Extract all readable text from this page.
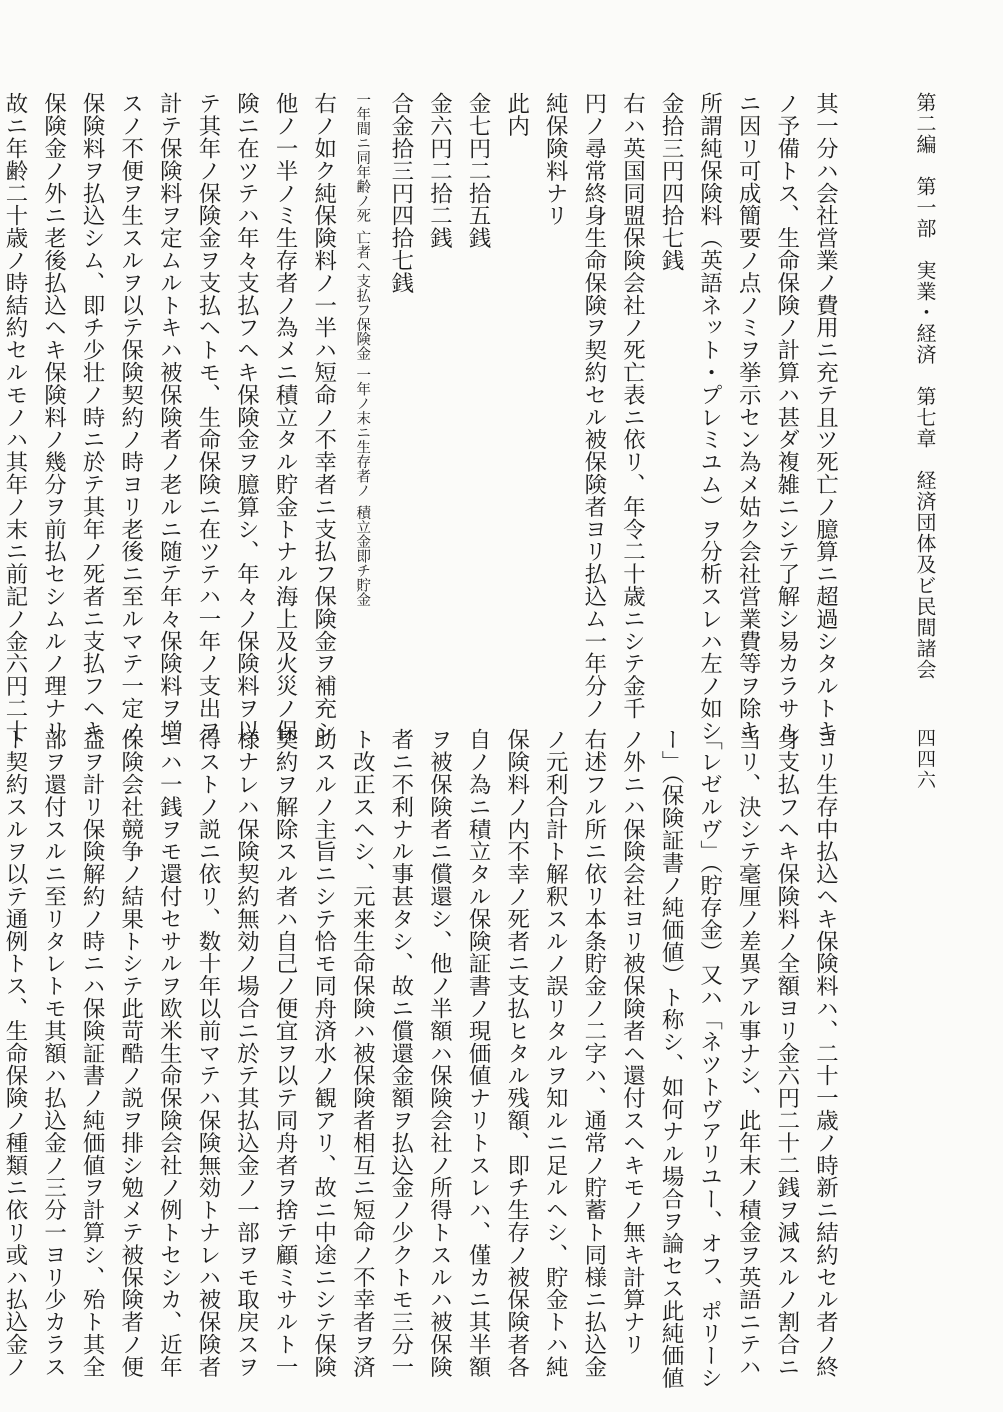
第二編　第一部　実業・経済　第七章　経済団体及ビ民間諸会
四四六

其一分ハ会社営業ノ費用ニ充テ且ツ死亡ノ臆算ニ超過シタルトキ
ノ予備トス、生命保険ノ計算ハ甚ダ複雑ニシテ了解シ易カラサル
ニ因リ可成簡要ノ点ノミヲ挙示セン為メ姑ク会社営業費等ヲ除キ
所謂純保険料（英語ネット・プレミユム）ヲ分析スレハ左ノ如シ
金拾三円四拾七銭
右ハ英国同盟保険会社ノ死亡表ニ依リ、年令二十歳ニシテ金千
円ノ尋常終身生命保険ヲ契約セル被保険者ヨリ払込ム一年分ノ
純保険料ナリ
此内
金七円二拾五銭
金六円二拾二銭
合金拾三円四拾七銭
一年間ニ同年齢ノ死 亡者ヘ支払フ保険金 一年ノ末ニ生存者ノ 積立金即チ貯金
右ノ如ク純保険料ノ一半ハ短命ノ不幸者ニ支払フ保険金ヲ補充シ
他ノ一半ノミ生存者ノ為メニ積立タル貯金トナル海上及火災ノ保
険ニ在ツテハ年々支払フヘキ保険金ヲ臆算シ、年々ノ保険料ヲ以
テ其年ノ保険金ヲ支払ヘトモ、生命保険ニ在ツテハ一年ノ支出ヲ
計テ保険料ヲ定ムルトキハ被保険者ノ老ルニ随テ年々保険料ヲ増
スノ不便ヲ生スルヲ以テ保険契約ノ時ヨリ老後ニ至ルマテ一定ノ
保険料ヲ払込シム、即チ少壮ノ時ニ於テ其年ノ死者ニ支払フヘキ
保険金ノ外ニ老後払込ヘキ保険料ノ幾分ヲ前払セシムルノ理ナリ
故ニ年齢二十歳ノ時結約セルモノハ其年ノ末ニ前記ノ金六円二十

ヨリ生存中払込ヘキ保険料ハ、二十一歳ノ時新ニ結約セル者ノ終
身支払フヘキ保険料ノ全額ヨリ金六円二十二銭ヲ減スルノ割合ニ
当リ、決シテ毫厘ノ差異アル事ナシ、此年末ノ積金ヲ英語ニテハ
「レゼルヴ」（貯存金）又ハ「ネツトヴアリユー、オフ、ポリーシ
ー」（保険証書ノ純価値）ト称シ、如何ナル場合ヲ論セス此純価値
ノ外ニハ保険会社ヨリ被保険者ヘ還付スヘキモノ無キ計算ナリ
右述フル所ニ依リ本条貯金ノ二字ハ、通常ノ貯蓄ト同様ニ払込金
ノ元利合計ト解釈スルノ誤リタルヲ知ルニ足ルヘシ、貯金トハ純
保険料ノ内不幸ノ死者ニ支払ヒタル残額、即チ生存ノ被保険者各
自ノ為ニ積立タル保険証書ノ現価値ナリトスレハ、僅カニ其半額
ヲ被保険者ニ償還シ、他ノ半額ハ保険会社ノ所得トスルハ被保険
者ニ不利ナル事甚タシ、故ニ償還金額ヲ払込金ノ少クトモ三分一
ト改正スヘシ、元来生命保険ハ被保険者相互ニ短命ノ不幸者ヲ済
助スルノ主旨ニシテ恰モ同舟済水ノ観アリ、故ニ中途ニシテ保険
契約ヲ解除スル者ハ自己ノ便宜ヲ以テ同舟者ヲ捨テ顧ミサルト一
様ナレハ保険契約無効ノ場合ニ於テ其払込金ノ一部ヲモ取戻スヲ
得ストノ説ニ依リ、数十年以前マテハ保険無効トナレハ被保険者
ニハ一銭ヲモ還付セサルヲ欧米生命保険会社ノ例トセシカ、近年
保険会社競争ノ結果トシテ此苛酷ノ説ヲ排シ勉メテ被保険者ノ便
益ヲ計リ保険解約ノ時ニハ保険証書ノ純価値ヲ計算シ、殆ト其全
部ヲ還付スルニ至リタレトモ其額ハ払込金ノ三分一ヨリ少カラス
ト契約スルヲ以テ通例トス、生命保険ノ種類ニ依リ或ハ払込金ノ
